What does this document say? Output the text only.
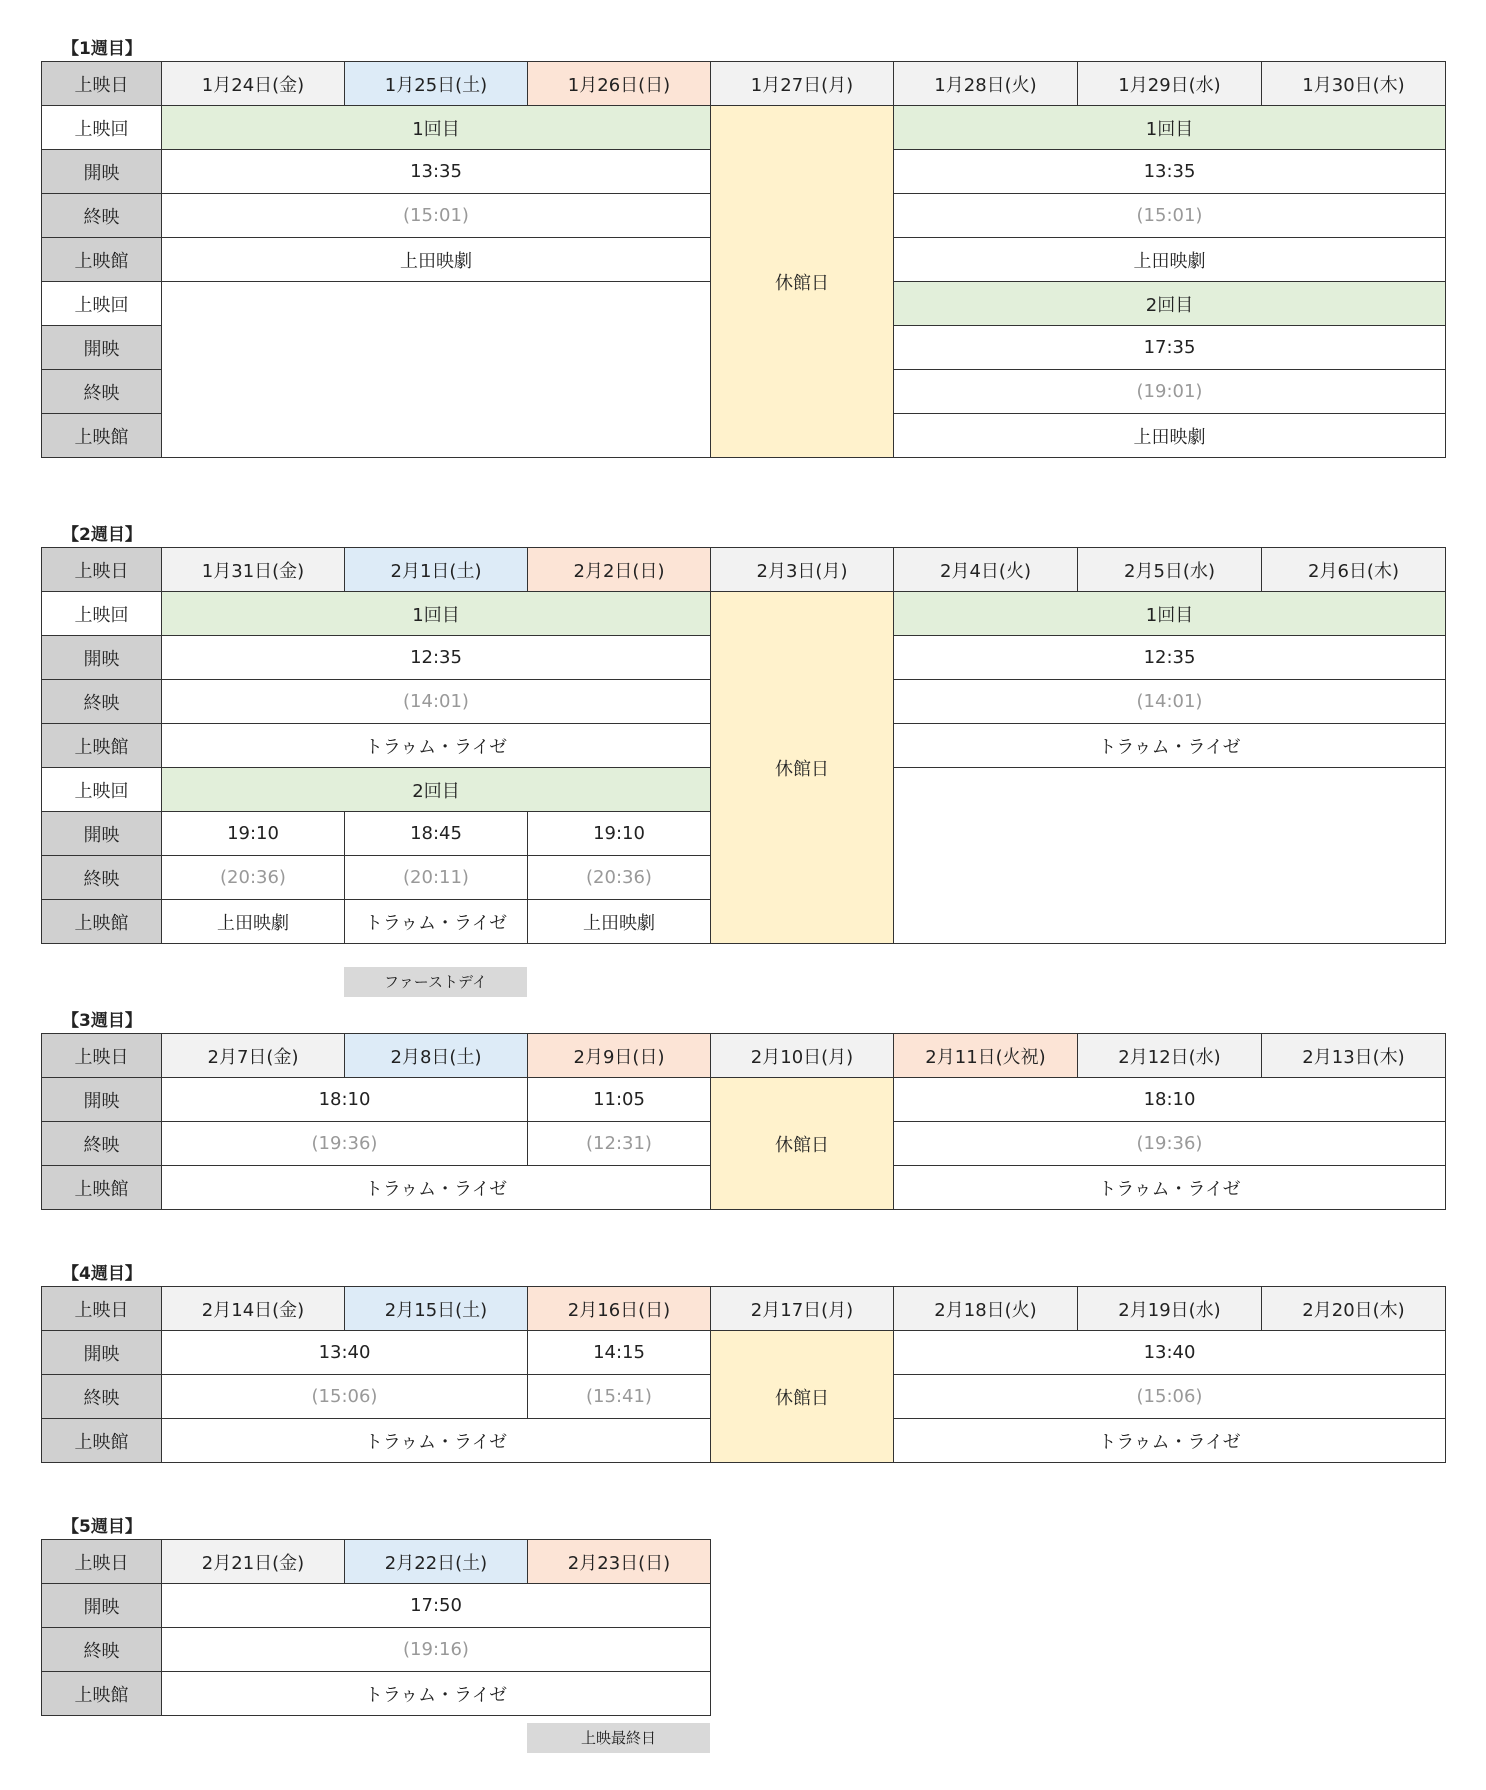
【1週目】
上映日	1月24日(金)	1月25日(土)	1月26日(日)	1月27日(月)	1月28日(火)	1月29日(水)	1月30日(木)
上映回	1回目			休館日	1回目		
開映	13:35				13:35		
終映	(15:01)				(15:01)		
上映館	上田映劇				上田映劇		
上映回					2回目		
開映					17:35		
終映					(19:01)		
上映館					上田映劇		
【2週目】
上映日	1月31日(金)	2月1日(土)	2月2日(日)	2月3日(月)	2月4日(火)	2月5日(水)	2月6日(木)
上映回	1回目			休館日	1回目		
開映	12:35				12:35		
終映	(14:01)				(14:01)		
上映館	トラゥム・ライゼ				トラゥム・ライゼ		
上映回	2回目						
開映	19:10	18:45	19:10				
終映	(20:36)	(20:11)	(20:36)				
上映館	上田映劇	トラゥム・ライゼ	上田映劇				
ファーストデイ
【3週目】
上映日	2月7日(金)	2月8日(土)	2月9日(日)	2月10日(月)	2月11日(火祝)	2月12日(水)	2月13日(木)
開映	18:10		11:05	休館日	18:10		
終映	(19:36)		(12:31)		(19:36)		
上映館	トラゥム・ライゼ				トラゥム・ライゼ		
【4週目】
上映日	2月14日(金)	2月15日(土)	2月16日(日)	2月17日(月)	2月18日(火)	2月19日(水)	2月20日(木)
開映	13:40		14:15	休館日	13:40		
終映	(15:06)		(15:41)		(15:06)		
上映館	トラゥム・ライゼ				トラゥム・ライゼ		
【5週目】
上映日	2月21日(金)	2月22日(土)	2月23日(日)
開映	17:50		
終映	(19:16)		
上映館	トラゥム・ライゼ		
上映最終日
